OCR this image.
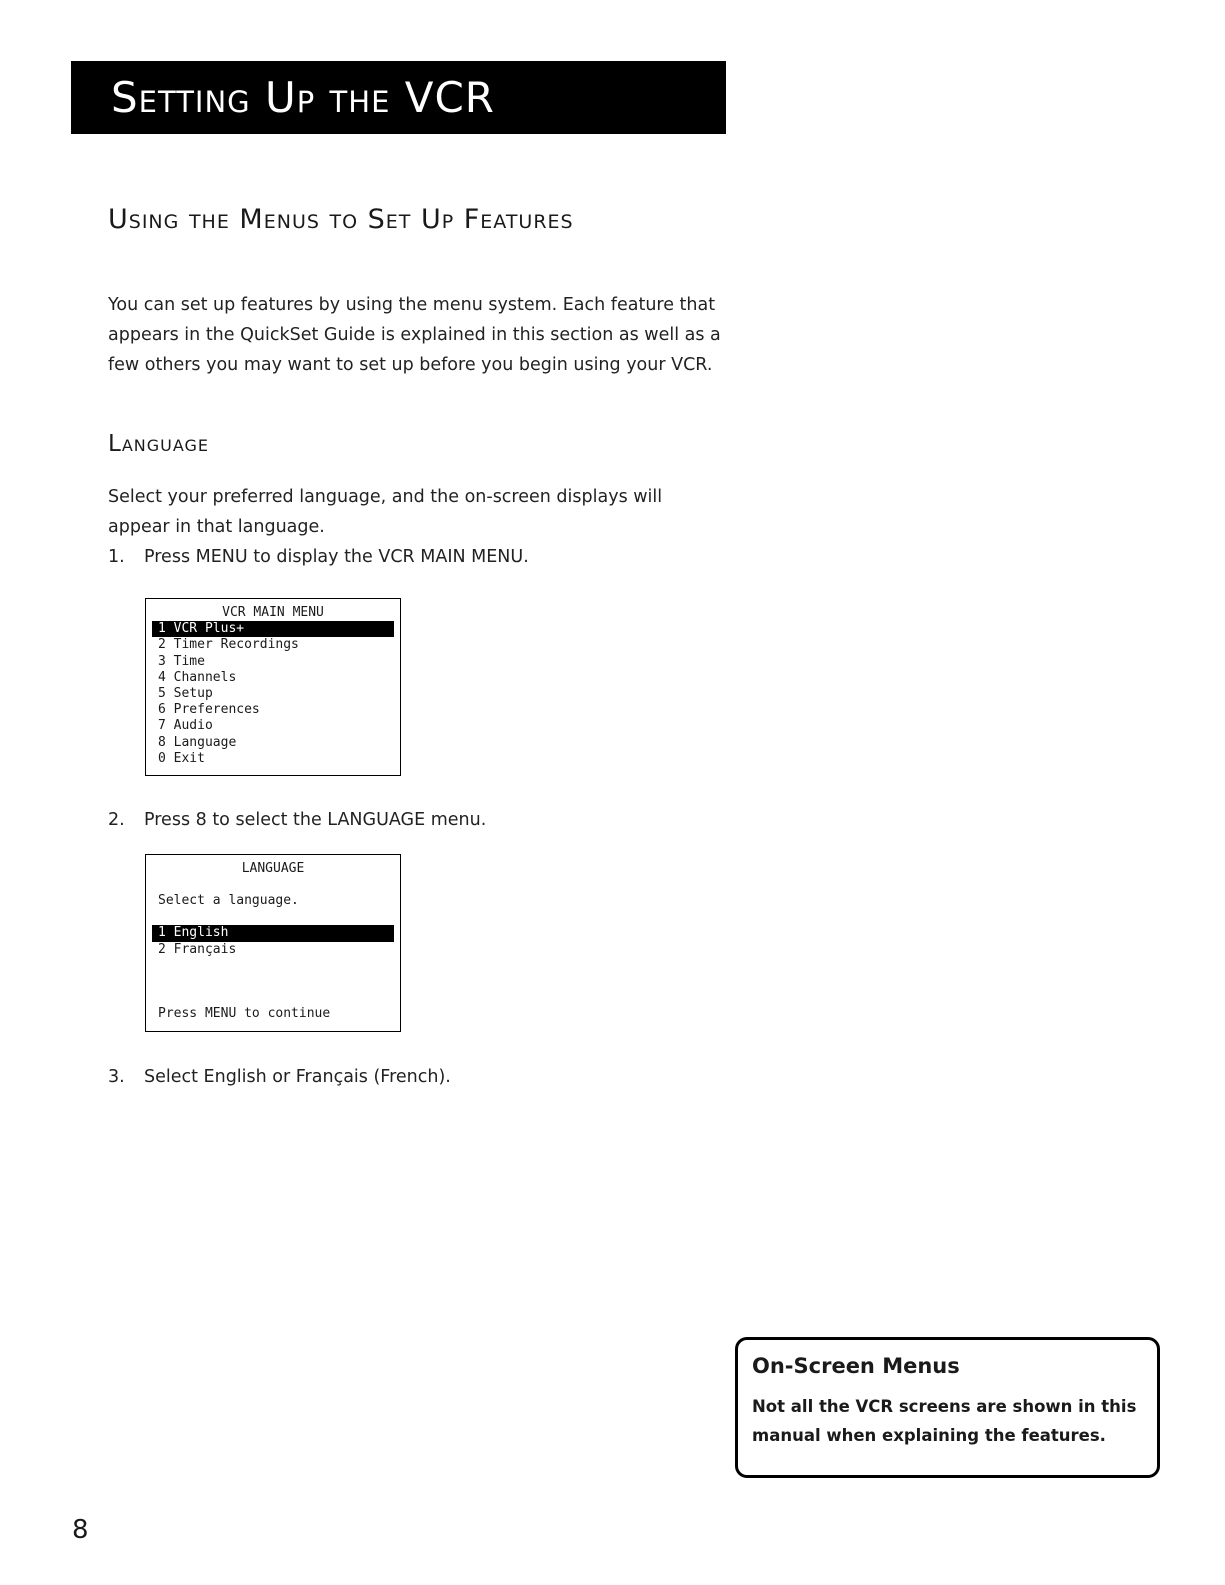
Setting Up the VCR
Using the Menus to Set Up Features

You can set up features by using the menu system. Each feature that appears in the QuickSet Guide is explained in this section as well as a few others you may want to set up before you begin using your VCR.

Language

Select your preferred language, and the on-screen displays will appear in that language.

1. Press MENU to display the VCR MAIN MENU.
VCR MAIN MENU
1 VCR Plus+
2 Timer Recordings
3 Time
4 Channels
5 Setup
6 Preferences
7 Audio
8 Language
0 Exit
2. Press 8 to select the LANGUAGE menu.
LANGUAGE
Select a language.
1 English
2 Français
Press MENU to continue
3. Select English or Français (French).

On-Screen Menus

Not all the VCR screens are shown in this manual when explaining the features.

8
